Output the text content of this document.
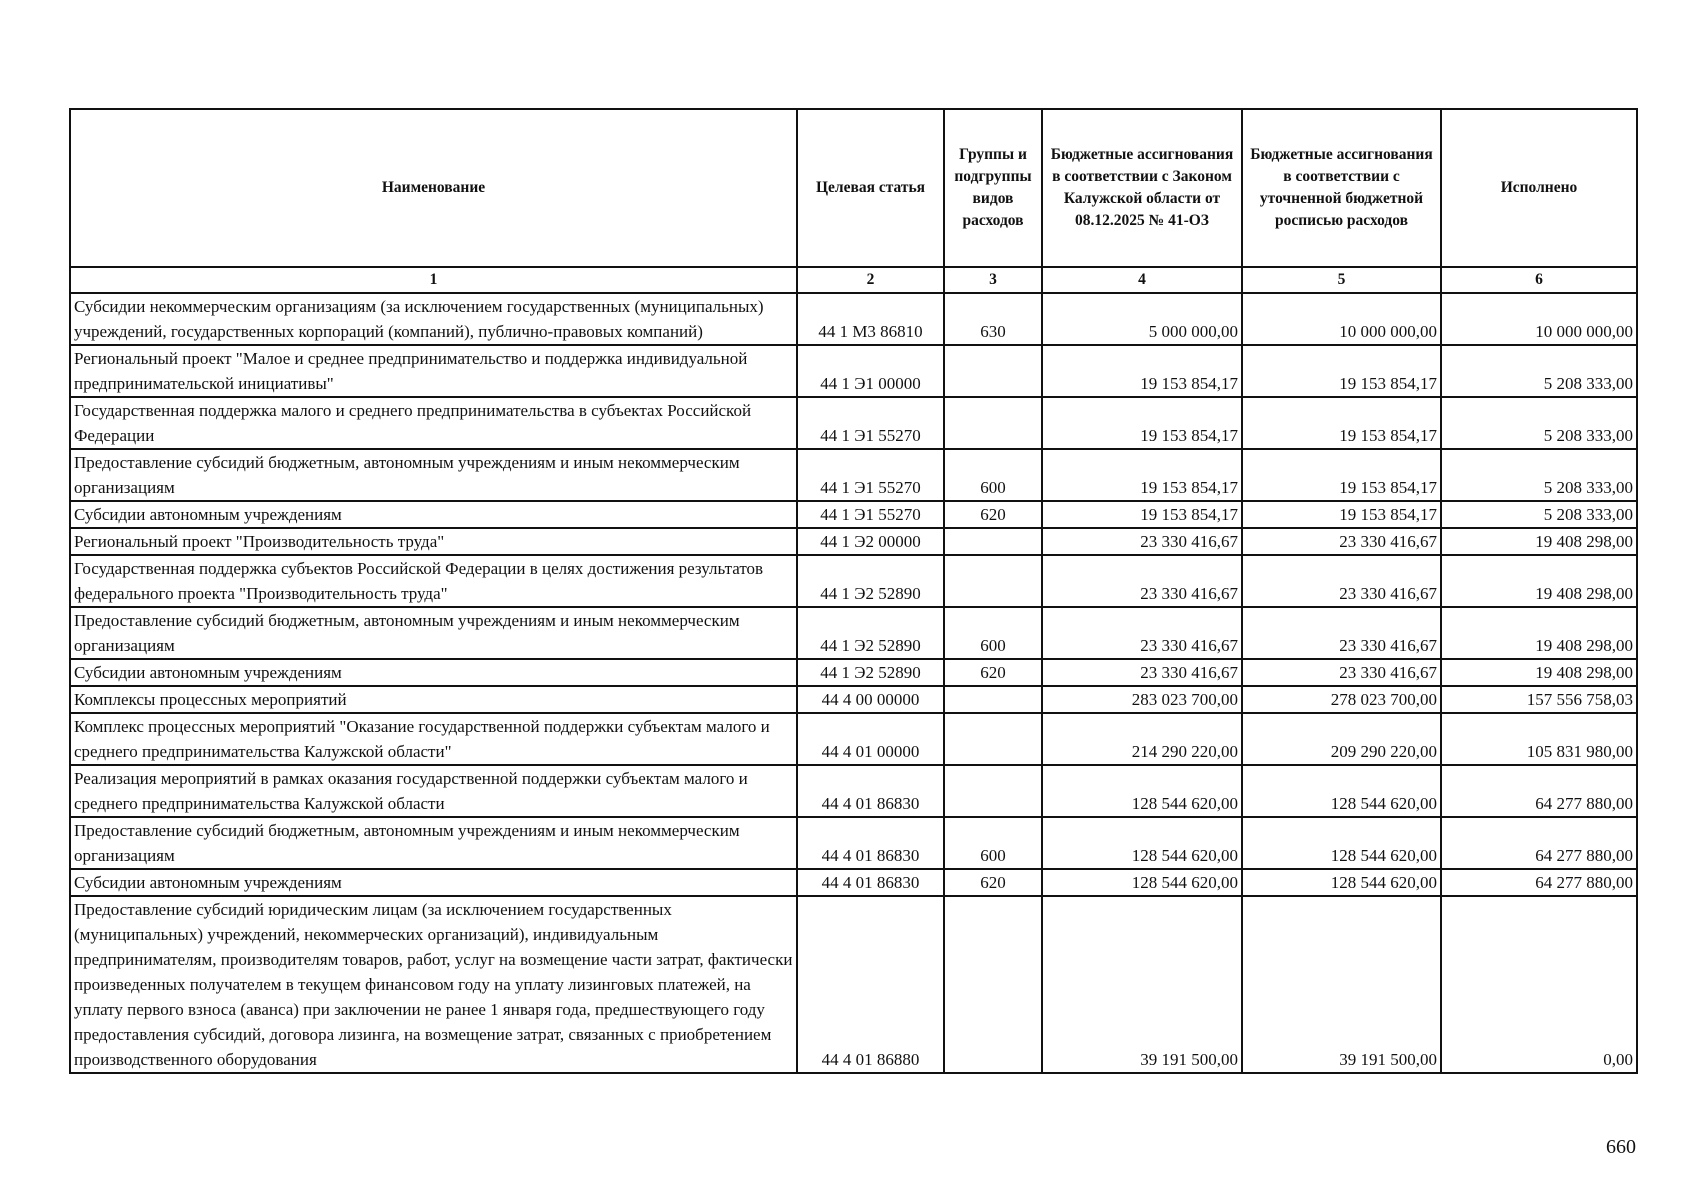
Наименование	Целевая статья	Группы и подгруппы видов расходов	Бюджетные ассигнования в соответствии с Законом Калужской области от 08.12.2025 № 41-ОЗ	Бюджетные ассигнования в соответствии с уточненной бюджетной росписью расходов	Исполнено
1	2	3	4	5	6
Субсидии некоммерческим организациям (за исключением государственных (муниципальных) учреждений, государственных корпораций (компаний), публично-правовых компаний)	44 1 М3 86810	630	5 000 000,00	10 000 000,00	10 000 000,00
Региональный проект "Малое и среднее предпринимательство и поддержка индивидуальной предпринимательской инициативы"	44 1 Э1 00000		19 153 854,17	19 153 854,17	5 208 333,00
Государственная поддержка малого и среднего предпринимательства в субъектах Российской Федерации	44 1 Э1 55270		19 153 854,17	19 153 854,17	5 208 333,00
Предоставление субсидий бюджетным, автономным учреждениям и иным некоммерческим организациям	44 1 Э1 55270	600	19 153 854,17	19 153 854,17	5 208 333,00
Субсидии автономным учреждениям	44 1 Э1 55270	620	19 153 854,17	19 153 854,17	5 208 333,00
Региональный проект "Производительность труда"	44 1 Э2 00000		23 330 416,67	23 330 416,67	19 408 298,00
Государственная поддержка субъектов Российской Федерации в целях достижения результатов федерального проекта "Производительность труда"	44 1 Э2 52890		23 330 416,67	23 330 416,67	19 408 298,00
Предоставление субсидий бюджетным, автономным учреждениям и иным некоммерческим организациям	44 1 Э2 52890	600	23 330 416,67	23 330 416,67	19 408 298,00
Субсидии автономным учреждениям	44 1 Э2 52890	620	23 330 416,67	23 330 416,67	19 408 298,00
Комплексы процессных мероприятий	44 4 00 00000		283 023 700,00	278 023 700,00	157 556 758,03
Комплекс процессных мероприятий "Оказание государственной поддержки субъектам малого и среднего предпринимательства Калужской области"	44 4 01 00000		214 290 220,00	209 290 220,00	105 831 980,00
Реализация мероприятий в рамках оказания государственной поддержки субъектам малого и среднего предпринимательства Калужской области	44 4 01 86830		128 544 620,00	128 544 620,00	64 277 880,00
Предоставление субсидий бюджетным, автономным учреждениям и иным некоммерческим организациям	44 4 01 86830	600	128 544 620,00	128 544 620,00	64 277 880,00
Субсидии автономным учреждениям	44 4 01 86830	620	128 544 620,00	128 544 620,00	64 277 880,00
Предоставление субсидий юридическим лицам (за исключением государственных (муниципальных) учреждений, некоммерческих организаций), индивидуальным предпринимателям, производителям товаров, работ, услуг на возмещение части затрат, фактически произведенных получателем в текущем финансовом году на уплату лизинговых платежей, на уплату первого взноса (аванса) при заключении не ранее 1 января года, предшествующего году предоставления субсидий, договора лизинга, на возмещение затрат, связанных с приобретением производственного оборудования	44 4 01 86880		39 191 500,00	39 191 500,00	0,00
660
